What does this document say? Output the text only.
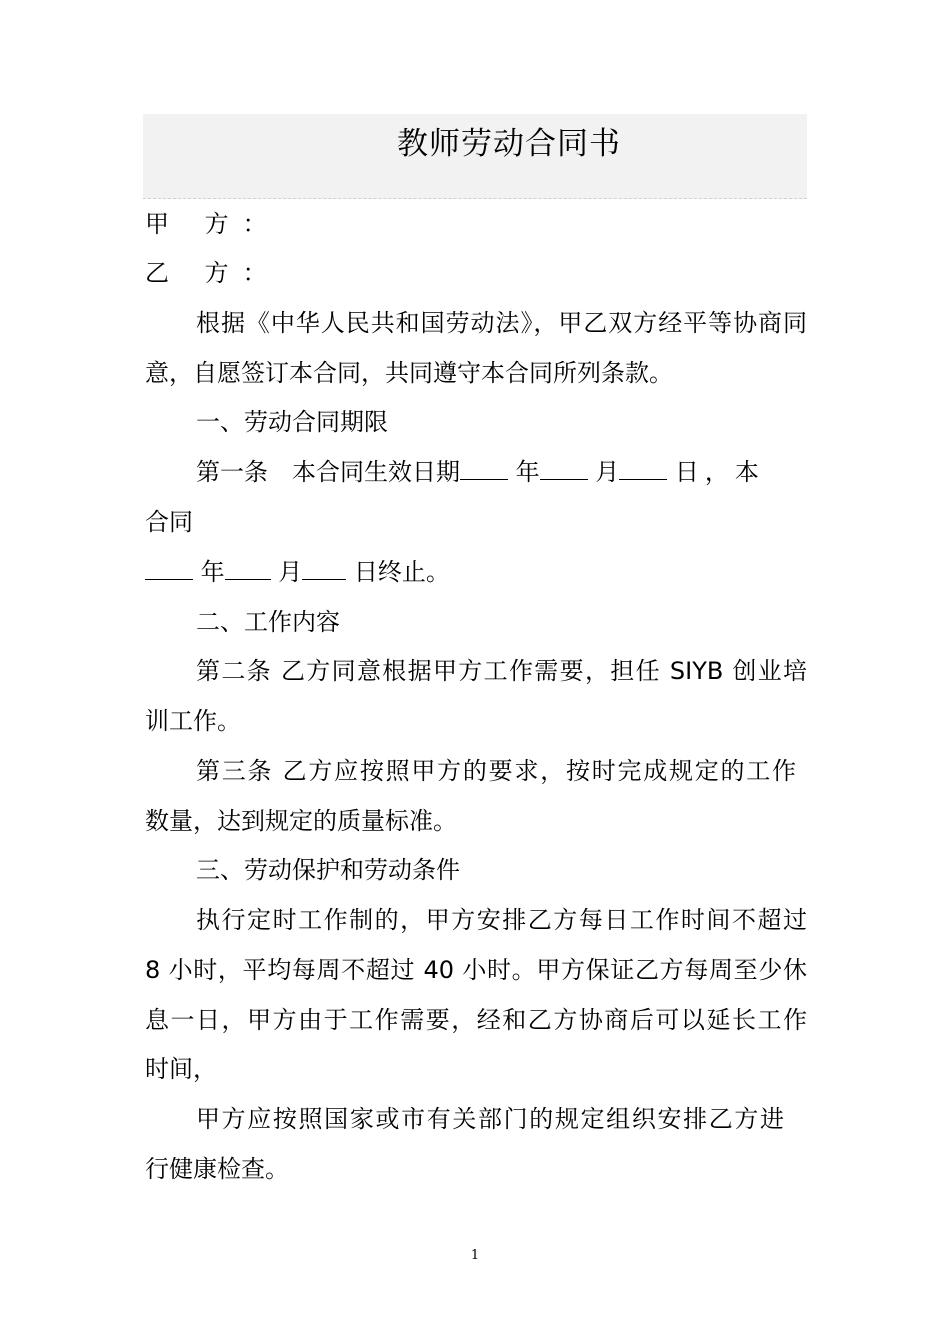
教师劳动合同书
甲 方：
乙 方：
根据《中华人民共和国劳动法》，甲乙双方经平等协商同
意，自愿签订本合同，共同遵守本合同所列条款。
一、劳动合同期限
第一条　本合同生效日期 年 月 日，本
合同
年 月 日终止。
二、工作内容
第二条 乙方同意根据甲方工作需要，担任 SIYB 创业培
训工作。
第三条 乙方应按照甲方的要求，按时完成规定的工作
数量，达到规定的质量标准。
三、劳动保护和劳动条件
执行定时工作制的，甲方安排乙方每日工作时间不超过
8 小时，平均每周不超过 40 小时。甲方保证乙方每周至少休
息一日，甲方由于工作需要，经和乙方协商后可以延长工作
时间，
甲方应按照国家或市有关部门的规定组织安排乙方进
行健康检查。
1
